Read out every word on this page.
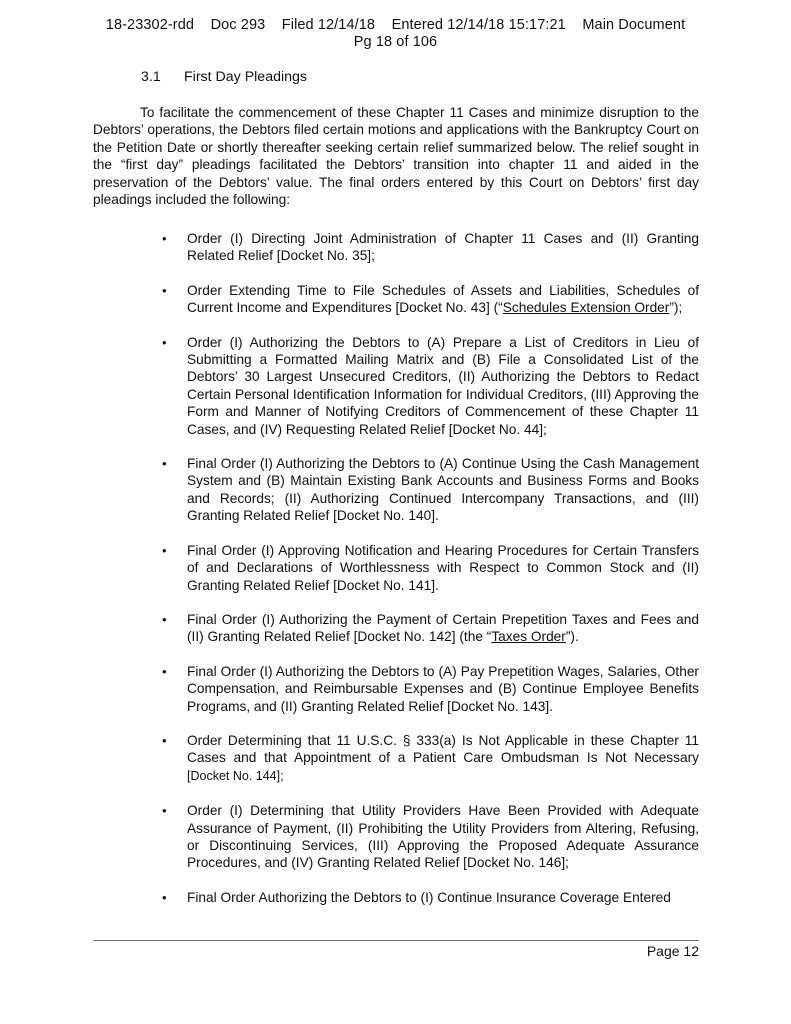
18-23302-rdd    Doc 293    Filed 12/14/18    Entered 12/14/18 15:17:21    Main Document
Pg 18 of 106
3.1 First Day Pleadings

To facilitate the commencement of these Chapter 11 Cases and minimize disruption to the Debtors’ operations, the Debtors filed certain motions and applications with the Bankruptcy Court on the Petition Date or shortly thereafter seeking certain relief summarized below. The relief sought in the “first day” pleadings facilitated the Debtors’ transition into chapter 11 and aided in the preservation of the Debtors’ value. The final orders entered by this Court on Debtors’ first day pleadings included the following:

• Order (I) Directing Joint Administration of Chapter 11 Cases and (II) Granting Related Relief [Docket No. 35];
• Order Extending Time to File Schedules of Assets and Liabilities, Schedules of Current Income and Expenditures [Docket No. 43] (“Schedules Extension Order”);
• Order (I) Authorizing the Debtors to (A) Prepare a List of Creditors in Lieu of Submitting a Formatted Mailing Matrix and (B) File a Consolidated List of the Debtors’ 30 Largest Unsecured Creditors, (II) Authorizing the Debtors to Redact Certain Personal Identification Information for Individual Creditors, (III) Approving the Form and Manner of Notifying Creditors of Commencement of these Chapter 11 Cases, and (IV) Requesting Related Relief [Docket No. 44];
• Final Order (I) Authorizing the Debtors to (A) Continue Using the Cash Management System and (B) Maintain Existing Bank Accounts and Business Forms and Books and Records; (II) Authorizing Continued Intercompany Transactions, and (III) Granting Related Relief [Docket No. 140].
• Final Order (I) Approving Notification and Hearing Procedures for Certain Transfers of and Declarations of Worthlessness with Respect to Common Stock and (II) Granting Related Relief [Docket No. 141].
• Final Order (I) Authorizing the Payment of Certain Prepetition Taxes and Fees and (II) Granting Related Relief [Docket No. 142] (the “Taxes Order”).
• Final Order (I) Authorizing the Debtors to (A) Pay Prepetition Wages, Salaries, Other Compensation, and Reimbursable Expenses and (B) Continue Employee Benefits Programs, and (II) Granting Related Relief [Docket No. 143].
• Order Determining that 11 U.S.C. § 333(a) Is Not Applicable in these Chapter 11 Cases and that Appointment of a Patient Care Ombudsman Is Not Necessary [Docket No. 144];
• Order (I) Determining that Utility Providers Have Been Provided with Adequate Assurance of Payment, (II) Prohibiting the Utility Providers from Altering, Refusing, or Discontinuing Services, (III) Approving the Proposed Adequate Assurance Procedures, and (IV) Granting Related Relief [Docket No. 146];
• Final Order Authorizing the Debtors to (I) Continue Insurance Coverage Entered
Page 12
